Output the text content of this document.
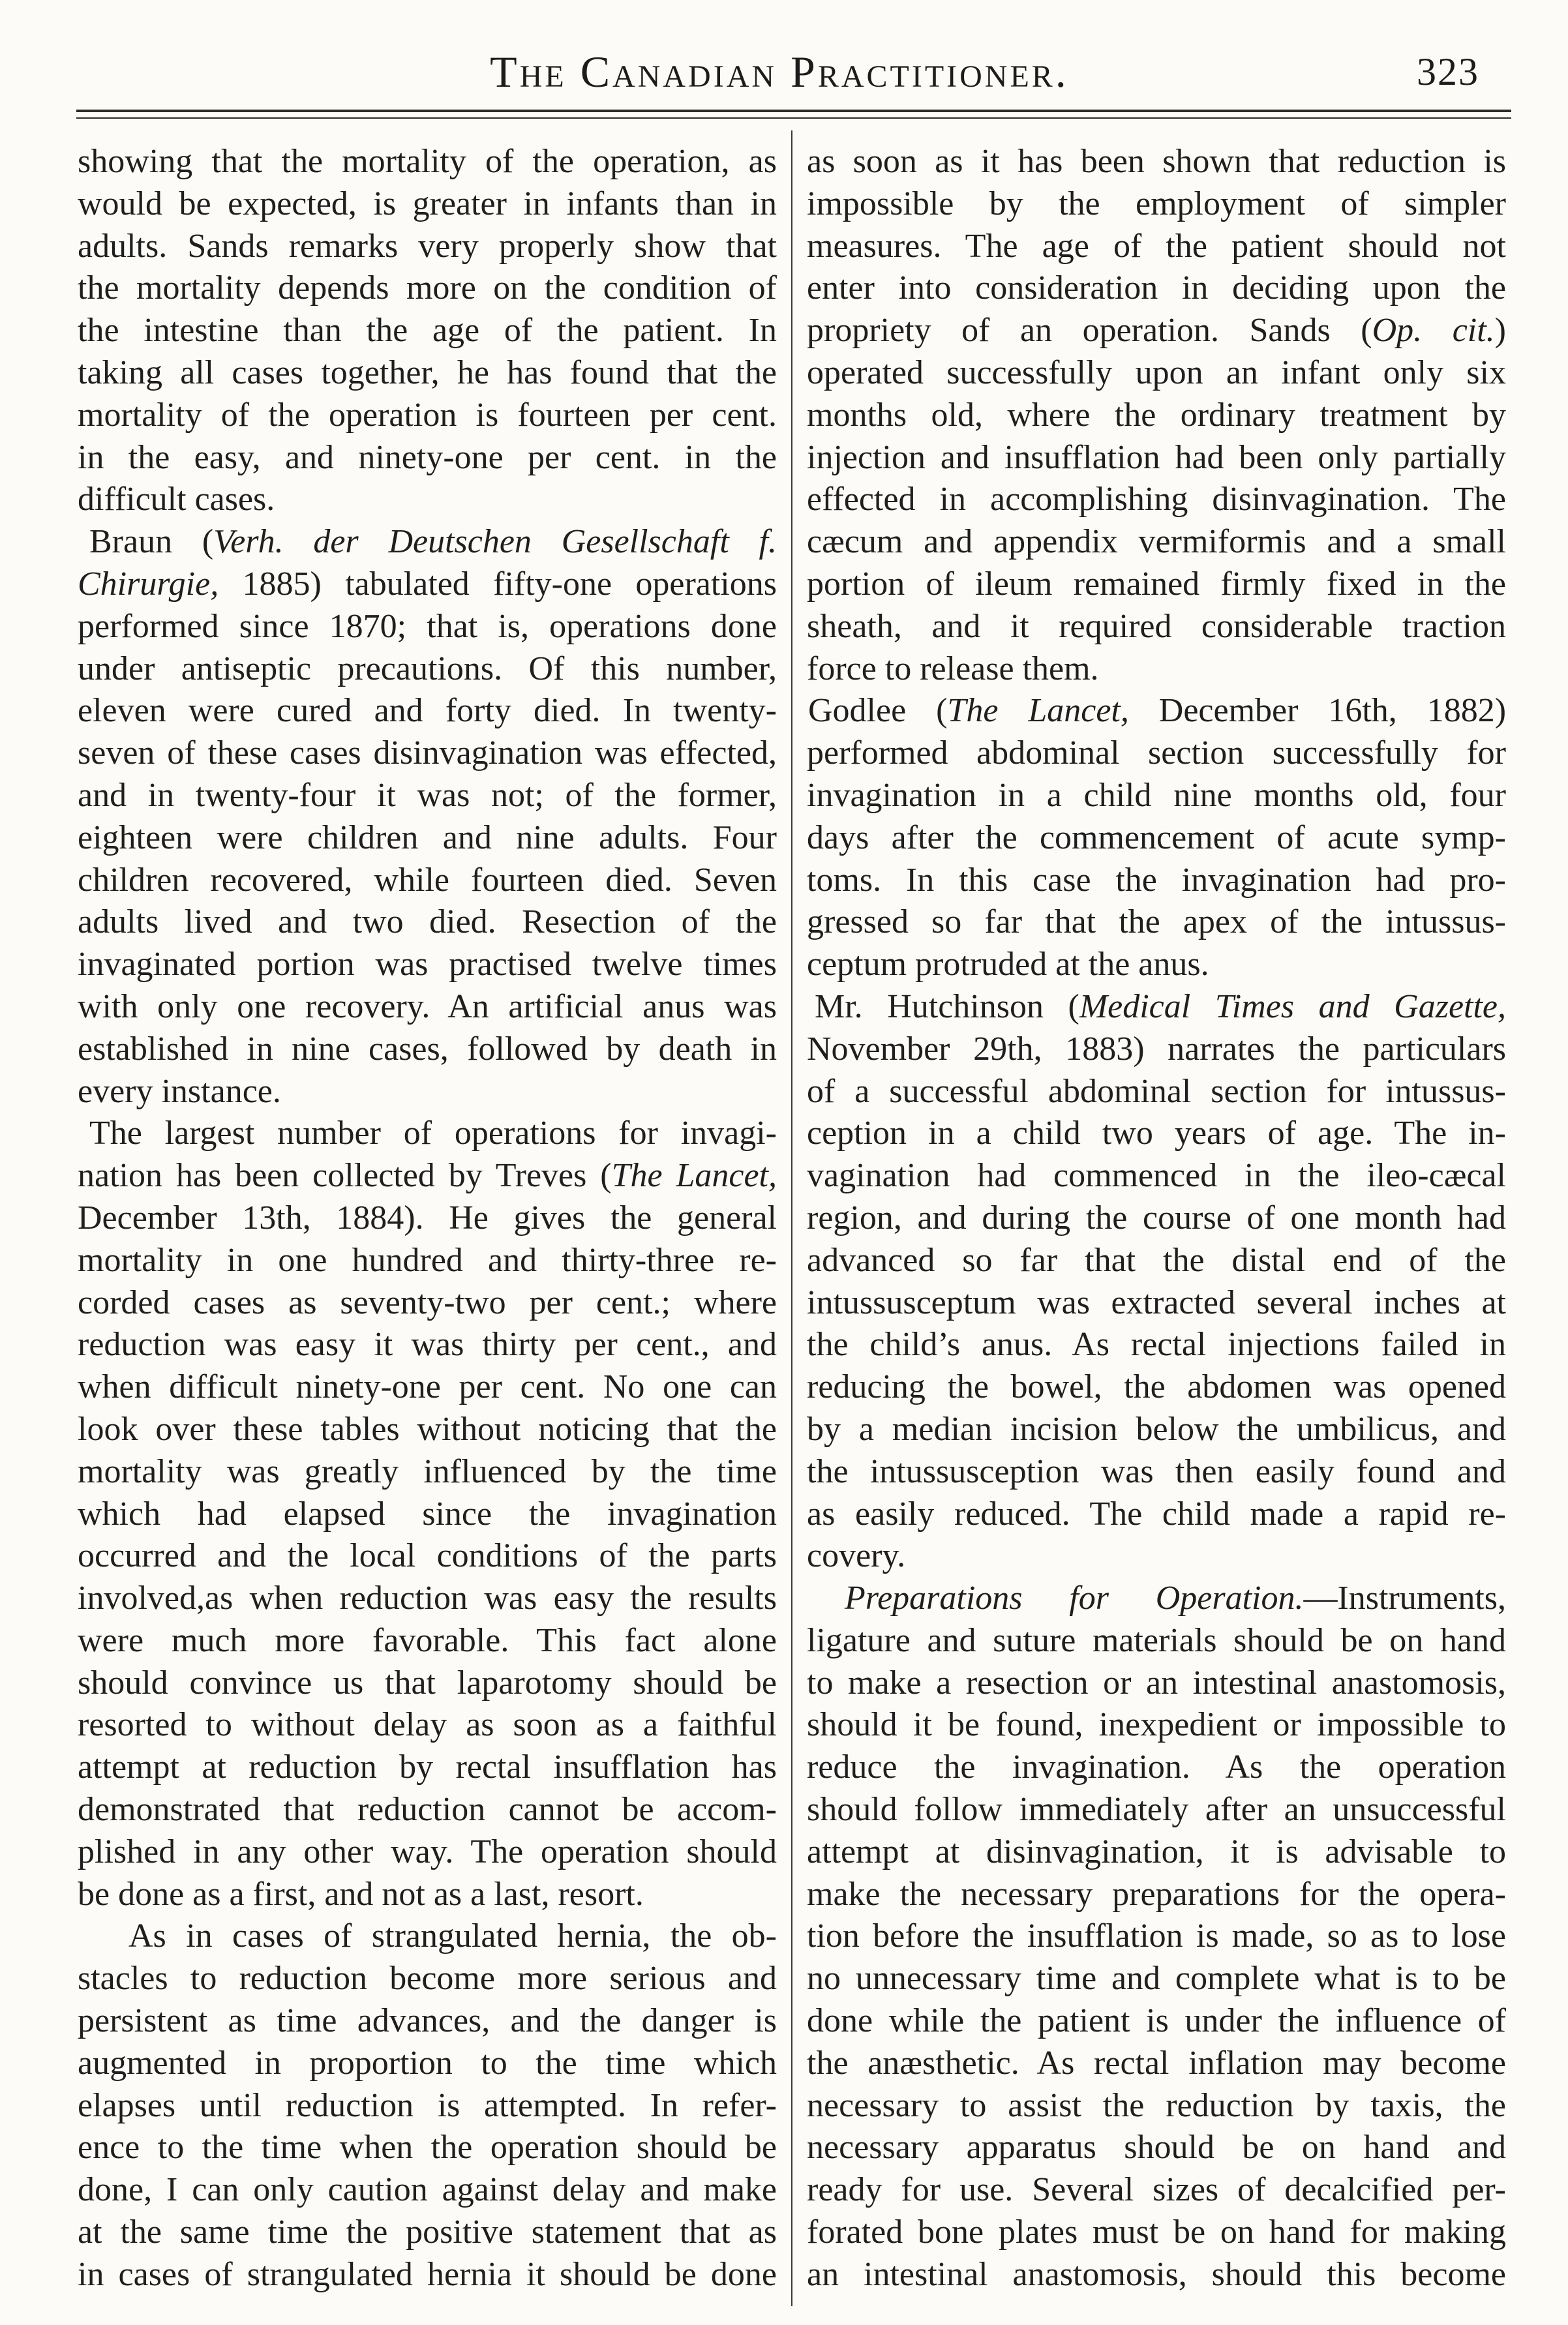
The Canadian Practitioner.	323
showing that the mortality of the operation, as
would be expected, is greater in infants than in
adults. Sands remarks very properly show that
the mortality depends more on the condition of
the intestine than the age of the patient. In
taking all cases together, he has found that the
mortality of the operation is fourteen per cent.
in the easy, and ninety-one per cent. in the
difficult cases.
Braun (Verh. der Deutschen Gesellschaft f.
Chirurgie, 1885) tabulated fifty-one operations
performed since 1870; that is, operations done
under antiseptic precautions. Of this number,
eleven were cured and forty died. In twenty-
seven of these cases disinvagination was effected,
and in twenty-four it was not; of the former,
eighteen were children and nine adults. Four
children recovered, while fourteen died. Seven
adults lived and two died. Resection of the
invaginated portion was practised twelve times
with only one recovery. An artificial anus was
established in nine cases, followed by death in
every instance.
The largest number of operations for invagi-
nation has been collected by Treves (The Lancet,
December 13th, 1884). He gives the general
mortality in one hundred and thirty-three re-
corded cases as seventy-two per cent.; where
reduction was easy it was thirty per cent., and
when difficult ninety-one per cent. No one can
look over these tables without noticing that the
mortality was greatly influenced by the time
which had elapsed since the invagination
occurred and the local conditions of the parts
involved,as when reduction was easy the results
were much more favorable. This fact alone
should convince us that laparotomy should be
resorted to without delay as soon as a faithful
attempt at reduction by rectal insufflation has
demonstrated that reduction cannot be accom-
plished in any other way. The operation should
be done as a first, and not as a last, resort.
As in cases of strangulated hernia, the ob-
stacles to reduction become more serious and
persistent as time advances, and the danger is
augmented in proportion to the time which
elapses until reduction is attempted. In refer-
ence to the time when the operation should be
done, I can only caution against delay and make
at the same time the positive statement that as
in cases of strangulated hernia it should be done
as soon as it has been shown that reduction is
impossible by the employment of simpler
measures. The age of the patient should not
enter into consideration in deciding upon the
propriety of an operation. Sands (Op. cit.)
operated successfully upon an infant only six
months old, where the ordinary treatment by
injection and insufflation had been only partially
effected in accomplishing disinvagination. The
cæcum and appendix vermiformis and a small
portion of ileum remained firmly fixed in the
sheath, and it required considerable traction
force to release them.
Godlee (The Lancet, December 16th, 1882)
performed abdominal section successfully for
invagination in a child nine months old, four
days after the commencement of acute symp-
toms. In this case the invagination had pro-
gressed so far that the apex of the intussus-
ceptum protruded at the anus.
Mr. Hutchinson (Medical Times and Gazette,
November 29th, 1883) narrates the particulars
of a successful abdominal section for intussus-
ception in a child two years of age. The in-
vagination had commenced in the ileo-cæcal
region, and during the course of one month had
advanced so far that the distal end of the
intussusceptum was extracted several inches at
the child’s anus. As rectal injections failed in
reducing the bowel, the abdomen was opened
by a median incision below the umbilicus, and
the intussusception was then easily found and
as easily reduced. The child made a rapid re-
covery.
Preparations for Operation.—Instruments,
ligature and suture materials should be on hand
to make a resection or an intestinal anastomosis,
should it be found, inexpedient or impossible to
reduce the invagination. As the operation
should follow immediately after an unsuccessful
attempt at disinvagination, it is advisable to
make the necessary preparations for the opera-
tion before the insufflation is made, so as to lose
no unnecessary time and complete what is to be
done while the patient is under the influence of
the anæsthetic. As rectal inflation may become
necessary to assist the reduction by taxis, the
necessary apparatus should be on hand and
ready for use. Several sizes of decalcified per-
forated bone plates must be on hand for making
an intestinal anastomosis, should this become
